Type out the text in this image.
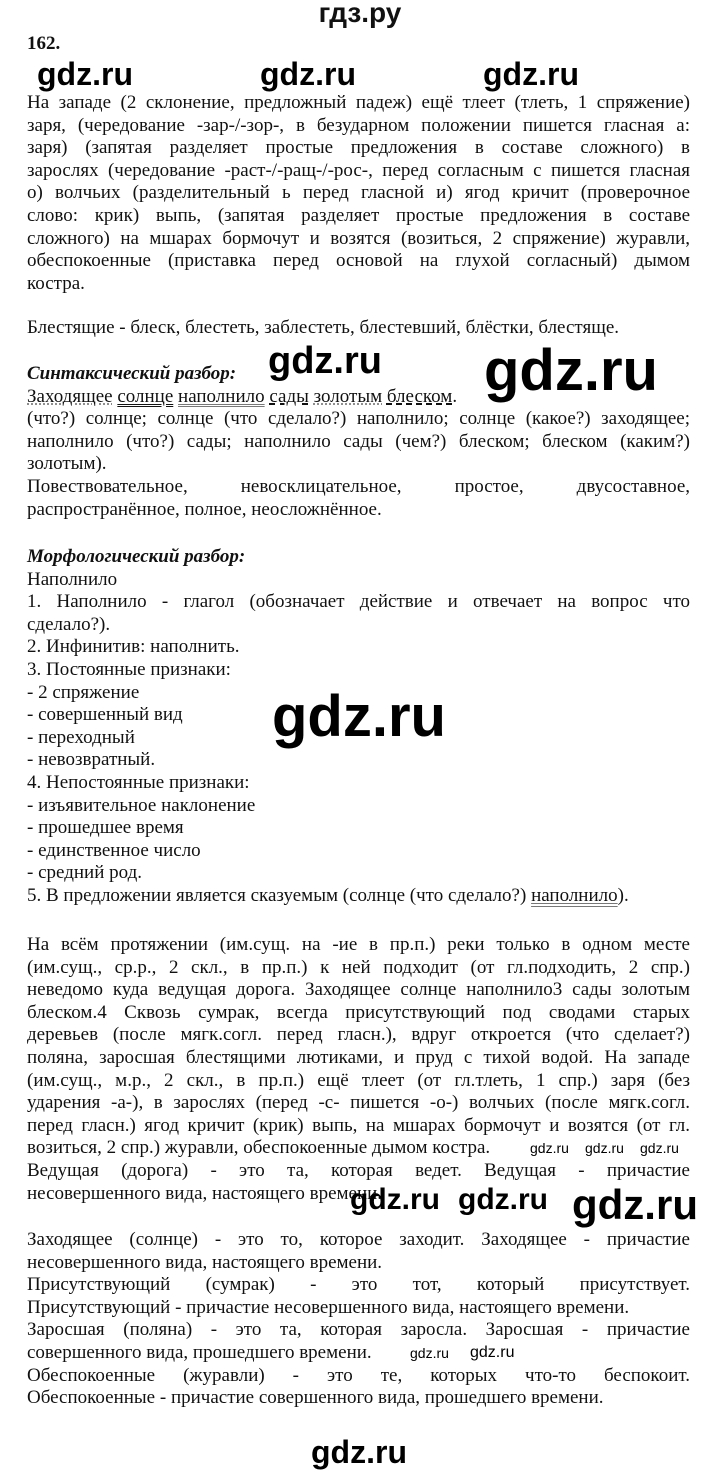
гдз.ру
162.
На западе (2 склонение, предложный падеж) ещё тлеет (тлеть, 1 спряжение)
заря, (чередование -зар-/-зор-, в безударном положении пишется гласная а:
заря) (запятая разделяет простые предложения в составе сложного) в
зарослях (чередование -раст-/-ращ-/-рос-, перед согласным с пишется гласная
о) волчьих (разделительный ь перед гласной и) ягод кричит (проверочное
слово: крик) выпь, (запятая разделяет простые предложения в составе
сложного) на мшарах бормочут и возятся (возиться, 2 спряжение) журавли,
обеспокоенные (приставка перед основой на глухой согласный) дымом
костра.
Блестящие - блеск, блестеть, заблестеть, блестевший, блёстки, блестяще.
Синтаксический разбор:
Заходящее солнце наполнило сады золотым блеском.
(что?) солнце; солнце (что сделало?) наполнило; солнце (какое?) заходящее;
наполнило (что?) сады; наполнило сады (чем?) блеском; блеском (каким?)
золотым).
Повествовательное, невосклицательное, простое, двусоставное,
распространённое, полное, неосложнённое.
Морфологический разбор:
Наполнило
1. Наполнило - глагол (обозначает действие и отвечает на вопрос что
сделало?).
2. Инфинитив: наполнить.
3. Постоянные признаки:
- 2 спряжение
- совершенный вид
- переходный
- невозвратный.
4. Непостоянные признаки:
- изъявительное наклонение
- прошедшее время
- единственное число
- средний род.
5. В предложении является сказуемым (солнце (что сделало?) наполнило).
На всём протяжении (им.сущ. на -ие в пр.п.) реки только в одном месте
(им.сущ., ср.р., 2 скл., в пр.п.) к ней подходит (от гл.подходить, 2 спр.)
неведомо куда ведущая дорога. Заходящее солнце наполнило3 сады золотым
блеском.4 Сквозь сумрак, всегда присутствующий под сводами старых
деревьев (после мягк.согл. перед гласн.), вдруг откроется (что сделает?)
поляна, заросшая блестящими лютиками, и пруд с тихой водой. На западе
(им.сущ., м.р., 2 скл., в пр.п.) ещё тлеет (от гл.тлеть, 1 спр.) заря (без
ударения -а-), в зарослях (перед -с- пишется -о-) волчьих (после мягк.согл.
перед гласн.) ягод кричит (крик) выпь, на мшарах бормочут и возятся (от гл.
возиться, 2 спр.) журавли, обеспокоенные дымом костра.
Ведущая (дорога) - это та, которая ведет. Ведущая - причастие
несовершенного вида, настоящего времени.
Заходящее (солнце) - это то, которое заходит. Заходящее - причастие
несовершенного вида, настоящего времени.
Присутствующий (сумрак) - это тот, который присутствует.
Присутствующий - причастие несовершенного вида, настоящего времени.
Заросшая (поляна) - это та, которая заросла. Заросшая - причастие
совершенного вида, прошедшего времени.
Обеспокоенные (журавли) - это те, которых что-то беспокоит.
Обеспокоенные - причастие совершенного вида, прошедшего времени.
gdz.ru	gdz.ru	gdz.ru
gdz.ru gdz.ru
gdz.ru
gdz.ru gdz.ru gdz.ru
gdz.ru
gdz.ru gdz.ru
gdz.ru gdz.ru
gdz.ru
